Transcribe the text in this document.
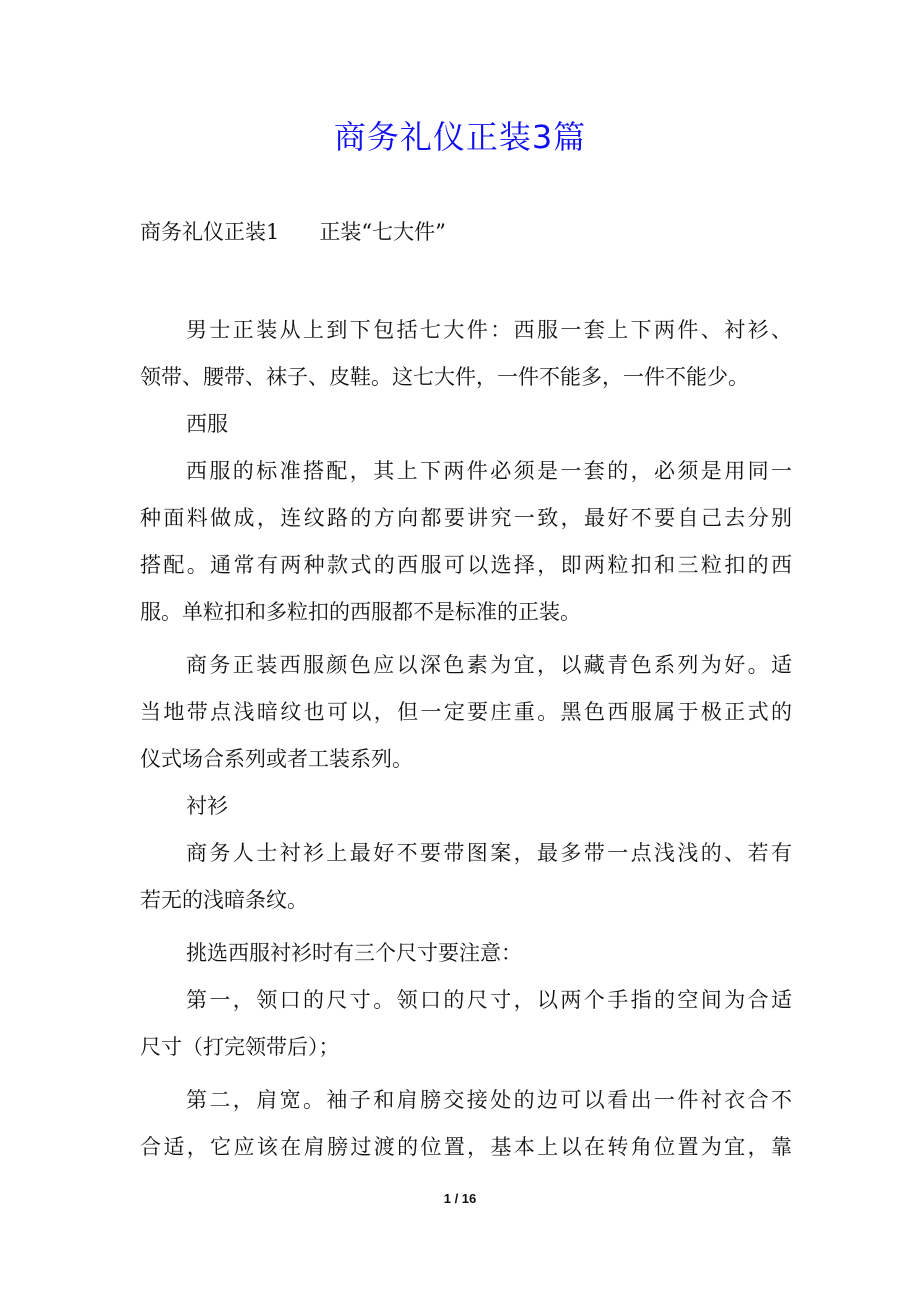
商务礼仪正装3篇
商务礼仪正装1      正装“七大件”
男士正装从上到下包括七大件：西服一套上下两件、衬衫、
领带、腰带、袜子、皮鞋。这七大件，一件不能多，一件不能少。
西服
西服的标准搭配，其上下两件必须是一套的，必须是用同一
种面料做成，连纹路的方向都要讲究一致，最好不要自己去分别
搭配。通常有两种款式的西服可以选择，即两粒扣和三粒扣的西
服。单粒扣和多粒扣的西服都不是标准的正装。
商务正装西服颜色应以深色素为宜，以藏青色系列为好。适
当地带点浅暗纹也可以，但一定要庄重。黑色西服属于极正式的
仪式场合系列或者工装系列。
衬衫
商务人士衬衫上最好不要带图案，最多带一点浅浅的、若有
若无的浅暗条纹。
挑选西服衬衫时有三个尺寸要注意：
第一，领口的尺寸。领口的尺寸，以两个手指的空间为合适
尺寸（打完领带后）；
第二，肩宽。袖子和肩膀交接处的边可以看出一件衬衣合不
合适，它应该在肩膀过渡的位置，基本上以在转角位置为宜，靠
1 / 16
